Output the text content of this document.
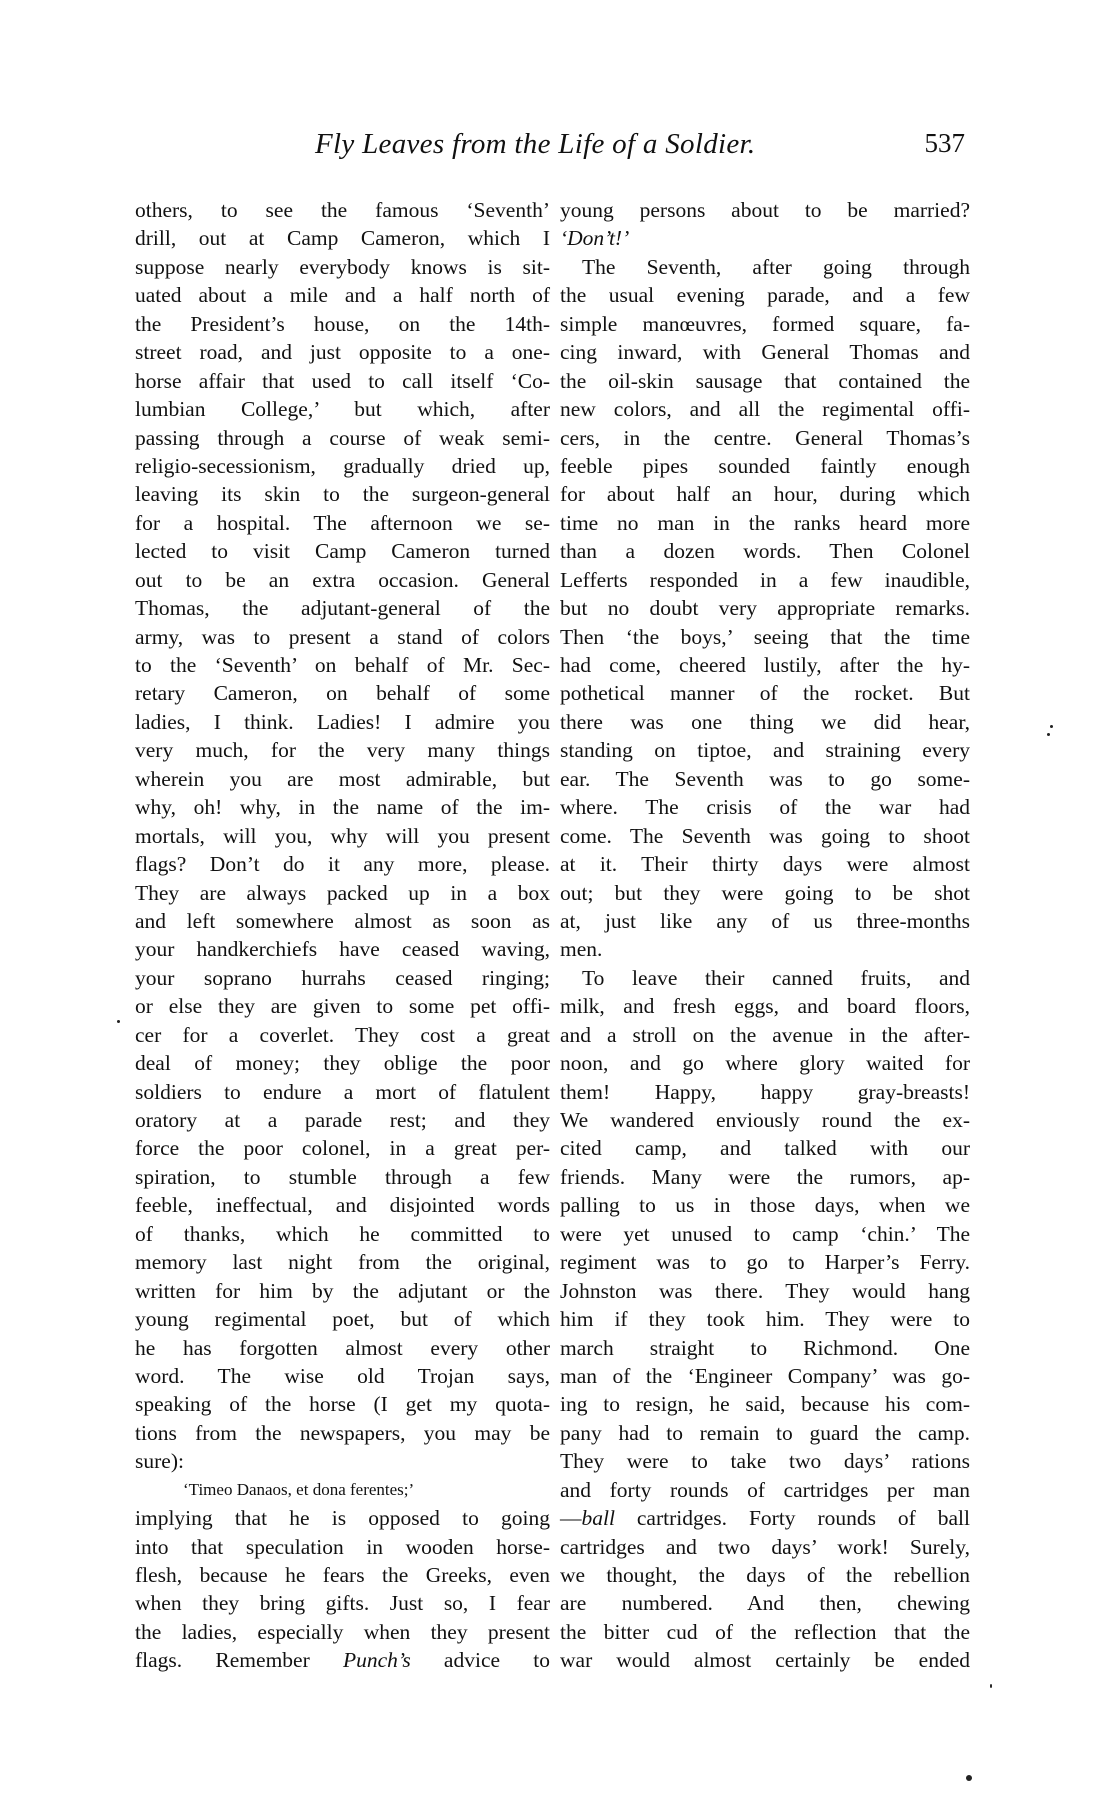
Fly Leaves from the Life of a Soldier.	537
others, to see the famous ‘Seventh’
drill, out at Camp Cameron, which I
suppose nearly everybody knows is sit-
uated about a mile and a half north of
the President’s house, on the 14th-
street road, and just opposite to a one-
horse affair that used to call itself ‘Co-
lumbian College,’ but which, after
passing through a course of weak semi-
religio-secessionism, gradually dried up,
leaving its skin to the surgeon-general
for a hospital. The afternoon we se-
lected to visit Camp Cameron turned
out to be an extra occasion. General
Thomas, the adjutant-general of the
army, was to present a stand of colors
to the ‘Seventh’ on behalf of Mr. Sec-
retary Cameron, on behalf of some
ladies, I think. Ladies! I admire you
very much, for the very many things
wherein you are most admirable, but
why, oh! why, in the name of the im-
mortals, will you, why will you present
flags? Don’t do it any more, please.
They are always packed up in a box
and left somewhere almost as soon as
your handkerchiefs have ceased waving,
your soprano hurrahs ceased ringing;
or else they are given to some pet offi-
cer for a coverlet. They cost a great
deal of money; they oblige the poor
soldiers to endure a mort of flatulent
oratory at a parade rest; and they
force the poor colonel, in a great per-
spiration, to stumble through a few
feeble, ineffectual, and disjointed words
of thanks, which he committed to
memory last night from the original,
written for him by the adjutant or the
young regimental poet, but of which
he has forgotten almost every other
word. The wise old Trojan says,
speaking of the horse (I get my quota-
tions from the newspapers, you may be
sure):
‘Timeo Danaos, et dona ferentes;’
implying that he is opposed to going
into that speculation in wooden horse-
flesh, because he fears the Greeks, even
when they bring gifts. Just so, I fear
the ladies, especially when they present
flags. Remember Punch’s advice to
young persons about to be married?
‘Don’t!’
The Seventh, after going through
the usual evening parade, and a few
simple manœuvres, formed square, fa-
cing inward, with General Thomas and
the oil-skin sausage that contained the
new colors, and all the regimental offi-
cers, in the centre. General Thomas’s
feeble pipes sounded faintly enough
for about half an hour, during which
time no man in the ranks heard more
than a dozen words. Then Colonel
Lefferts responded in a few inaudible,
but no doubt very appropriate remarks.
Then ‘the boys,’ seeing that the time
had come, cheered lustily, after the hy-
pothetical manner of the rocket. But
there was one thing we did hear,
standing on tiptoe, and straining every
ear. The Seventh was to go some-
where. The crisis of the war had
come. The Seventh was going to shoot
at it. Their thirty days were almost
out; but they were going to be shot
at, just like any of us three-months
men.
To leave their canned fruits, and
milk, and fresh eggs, and board floors,
and a stroll on the avenue in the after-
noon, and go where glory waited for
them! Happy, happy gray-breasts!
We wandered enviously round the ex-
cited camp, and talked with our
friends. Many were the rumors, ap-
palling to us in those days, when we
were yet unused to camp ‘chin.’ The
regiment was to go to Harper’s Ferry.
Johnston was there. They would hang
him if they took him. They were to
march straight to Richmond. One
man of the ‘Engineer Company’ was go-
ing to resign, he said, because his com-
pany had to remain to guard the camp.
They were to take two days’ rations
and forty rounds of cartridges per man
—ball cartridges. Forty rounds of ball
cartridges and two days’ work! Surely,
we thought, the days of the rebellion
are numbered. And then, chewing
the bitter cud of the reflection that the
war would almost certainly be ended
